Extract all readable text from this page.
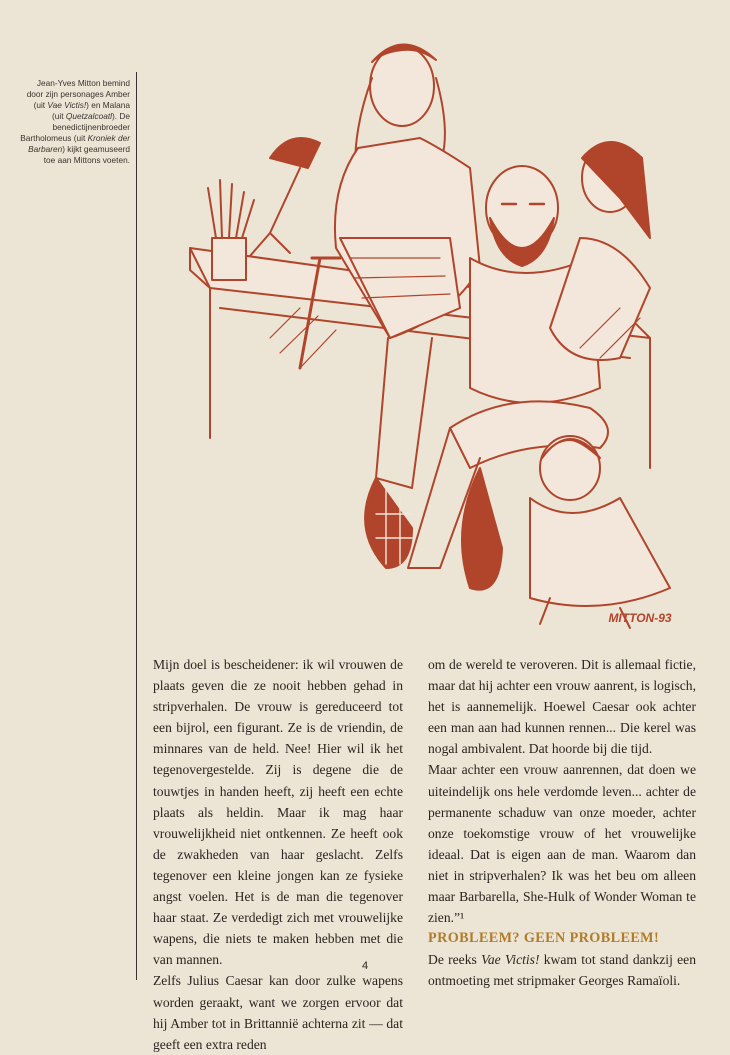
Jean-Yves Mitton bemind door zijn personages Amber (uit Vae Victis!) en Malana (uit Quetzalcoatl). De benedictijnenbroeder Bartholomeus (uit Kroniek der Barbaren) kijkt geamuseerd toe aan Mittons voeten.
MITTON-93

Mijn doel is bescheidener: ik wil vrouwen de plaats geven die ze nooit hebben gehad in stripverhalen. De vrouw is gereduceerd tot een bijrol, een figurant. Ze is de vriendin, de minnares van de held. Nee! Hier wil ik het tegenovergestelde. Zij is degene die de touwtjes in handen heeft, zij heeft een echte plaats als heldin. Maar ik mag haar vrouwelijkheid niet ontkennen. Ze heeft ook de zwakheden van haar geslacht. Zelfs tegenover een kleine jongen kan ze fysieke angst voelen. Het is de man die tegenover haar staat. Ze verdedigt zich met vrouwelijke wapens, die niets te maken hebben met die van mannen.

Zelfs Julius Caesar kan door zulke wapens worden geraakt, want we zorgen ervoor dat hij Amber tot in Brittannië achterna zit — dat geeft een extra reden

om de wereld te veroveren. Dit is allemaal fictie, maar dat hij achter een vrouw aanrent, is logisch, het is aannemelijk. Hoewel Caesar ook achter een man aan had kunnen rennen... Die kerel was nogal ambivalent. Dat hoorde bij die tijd.

Maar achter een vrouw aanrennen, dat doen we uiteindelijk ons hele verdomde leven... achter de permanente schaduw van onze moeder, achter onze toekomstige vrouw of het vrouwelijke ideaal. Dat is eigen aan de man. Waarom dan niet in stripverhalen? Ik was het beu om alleen maar Barbarella, She-Hulk of Wonder Woman te zien.”¹

PROBLEEM? GEEN PROBLEEM!

De reeks Vae Victis! kwam tot stand dankzij een ontmoeting met stripmaker Georges Ramaïoli.

4
